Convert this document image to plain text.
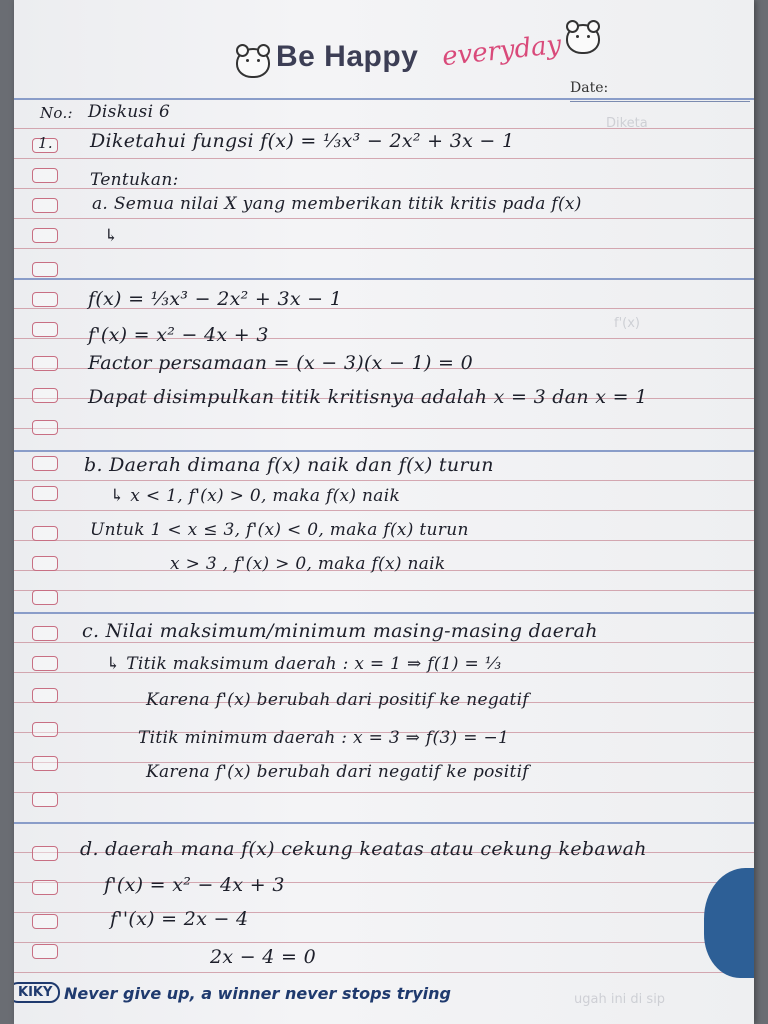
Be Happy everyday
Date:
Diketa
f'(x)
ugah ini di sip
No.: Diskusi 6
1. Diketahui fungsi f(x) = ⅓x³ − 2x² + 3x − 1
Tentukan:
a. Semua nilai X yang memberikan titik kritis pada f(x)
↳
f(x) = ⅓x³ − 2x² + 3x − 1
f'(x) = x² − 4x + 3
Factor persamaan = (x − 3)(x − 1) = 0
Dapat disimpulkan titik kritisnya adalah x = 3 dan x = 1
b. Daerah dimana f(x) naik dan f(x) turun
↳ x < 1, f'(x) > 0, maka f(x) naik
Untuk 1 < x ≤ 3, f'(x) < 0, maka f(x) turun
x > 3 , f'(x) > 0, maka f(x) naik
c. Nilai maksimum/minimum masing-masing daerah
↳ Titik maksimum daerah : x = 1 ⇒ f(1) = ⅓
Karena f'(x) berubah dari positif ke negatif
Titik minimum daerah : x = 3 ⇒ f(3) = −1
Karena f'(x) berubah dari negatif ke positif
d. daerah mana f(x) cekung keatas atau cekung kebawah
f'(x) = x² − 4x + 3
f''(x) = 2x − 4
2x − 4 = 0
KIKY Never give up, a winner never stops trying
